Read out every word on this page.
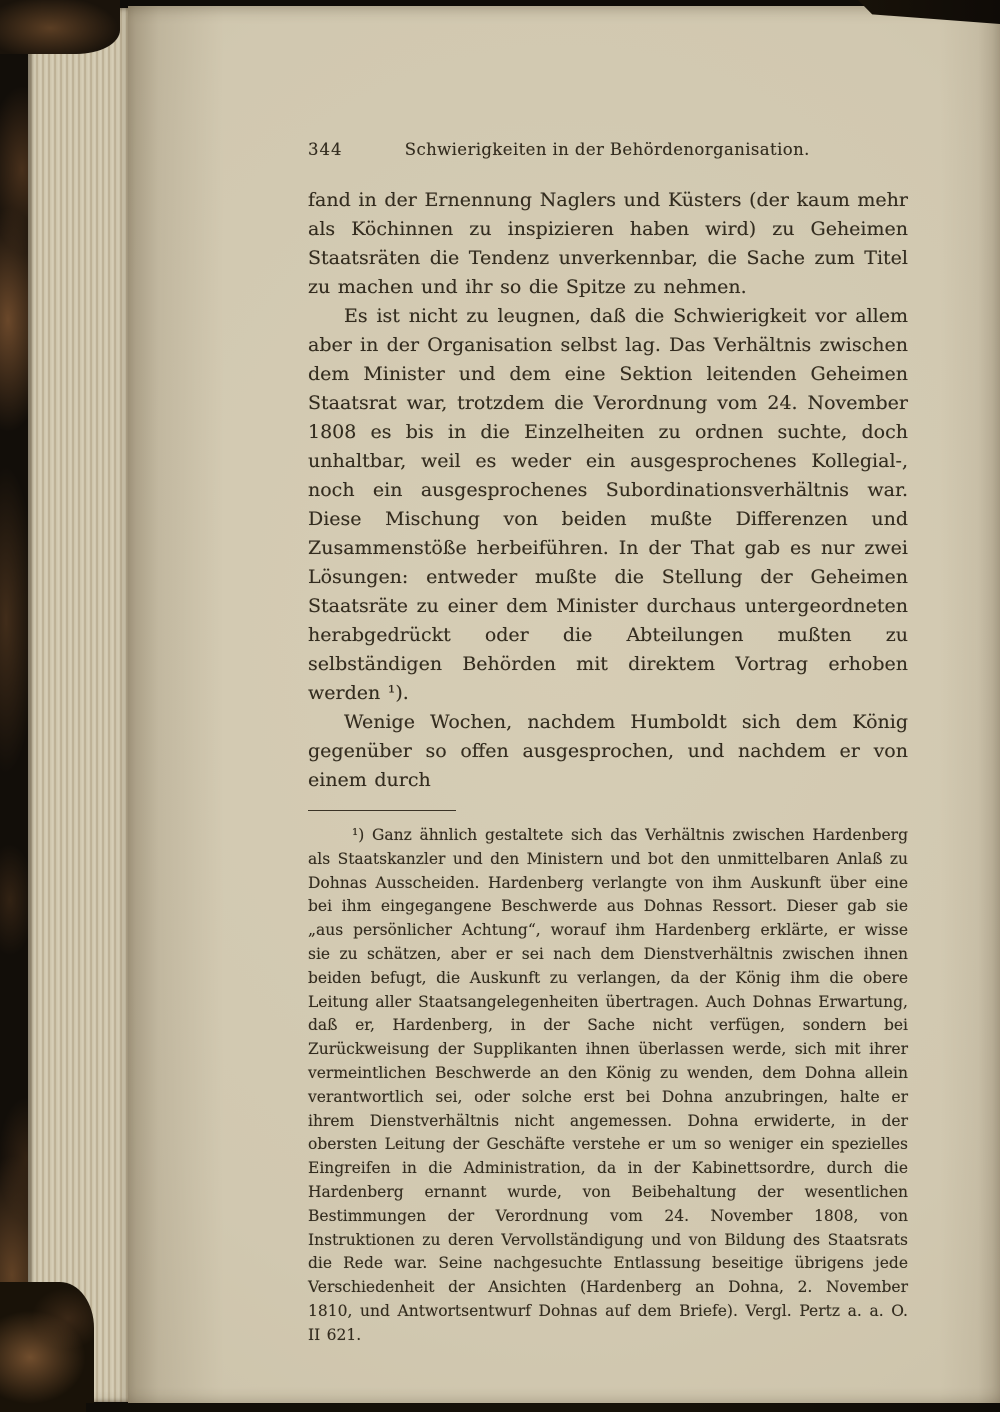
344	Schwierigkeiten in der Behördenorganisation.

fand in der Ernennung Naglers und Küsters (der kaum mehr als Köchinnen zu inspizieren haben wird) zu Geheimen Staatsräten die Tendenz unverkennbar, die Sache zum Titel zu machen und ihr so die Spitze zu nehmen.

Es ist nicht zu leugnen, daß die Schwierigkeit vor allem aber in der Organisation selbst lag. Das Verhältnis zwischen dem Minister und dem eine Sektion leitenden Geheimen Staatsrat war, trotzdem die Verordnung vom 24. November 1808 es bis in die Einzelheiten zu ordnen suchte, doch unhaltbar, weil es weder ein ausgesprochenes Kollegial-, noch ein ausgesprochenes Subordinationsverhältnis war. Diese Mischung von beiden mußte Differenzen und Zusammenstöße herbeiführen. In der That gab es nur zwei Lösungen: entweder mußte die Stellung der Geheimen Staatsräte zu einer dem Minister durchaus untergeordneten herabgedrückt oder die Abteilungen mußten zu selbständigen Behörden mit direktem Vortrag erhoben werden ¹).

Wenige Wochen, nachdem Humboldt sich dem König gegenüber so offen ausgesprochen, und nachdem er von einem durch

¹) Ganz ähnlich gestaltete sich das Verhältnis zwischen Hardenberg als Staatskanzler und den Ministern und bot den unmittelbaren Anlaß zu Dohnas Ausscheiden. Hardenberg verlangte von ihm Auskunft über eine bei ihm eingegangene Beschwerde aus Dohnas Ressort. Dieser gab sie „aus persönlicher Achtung“, worauf ihm Hardenberg erklärte, er wisse sie zu schätzen, aber er sei nach dem Dienstverhältnis zwischen ihnen beiden befugt, die Auskunft zu verlangen, da der König ihm die obere Leitung aller Staatsangelegenheiten übertragen. Auch Dohnas Erwartung, daß er, Hardenberg, in der Sache nicht verfügen, sondern bei Zurückweisung der Supplikanten ihnen überlassen werde, sich mit ihrer vermeintlichen Beschwerde an den König zu wenden, dem Dohna allein verantwortlich sei, oder solche erst bei Dohna anzubringen, halte er ihrem Dienstverhältnis nicht angemessen. Dohna erwiderte, in der obersten Leitung der Geschäfte verstehe er um so weniger ein spezielles Eingreifen in die Administration, da in der Kabinettsordre, durch die Hardenberg ernannt wurde, von Beibehaltung der wesentlichen Bestimmungen der Verordnung vom 24. November 1808, von Instruktionen zu deren Vervollständigung und von Bildung des Staatsrats die Rede war. Seine nachgesuchte Entlassung beseitige übrigens jede Verschiedenheit der Ansichten (Hardenberg an Dohna, 2. November 1810, und Antwortsentwurf Dohnas auf dem Briefe). Vergl. Pertz a. a. O. II 621.
